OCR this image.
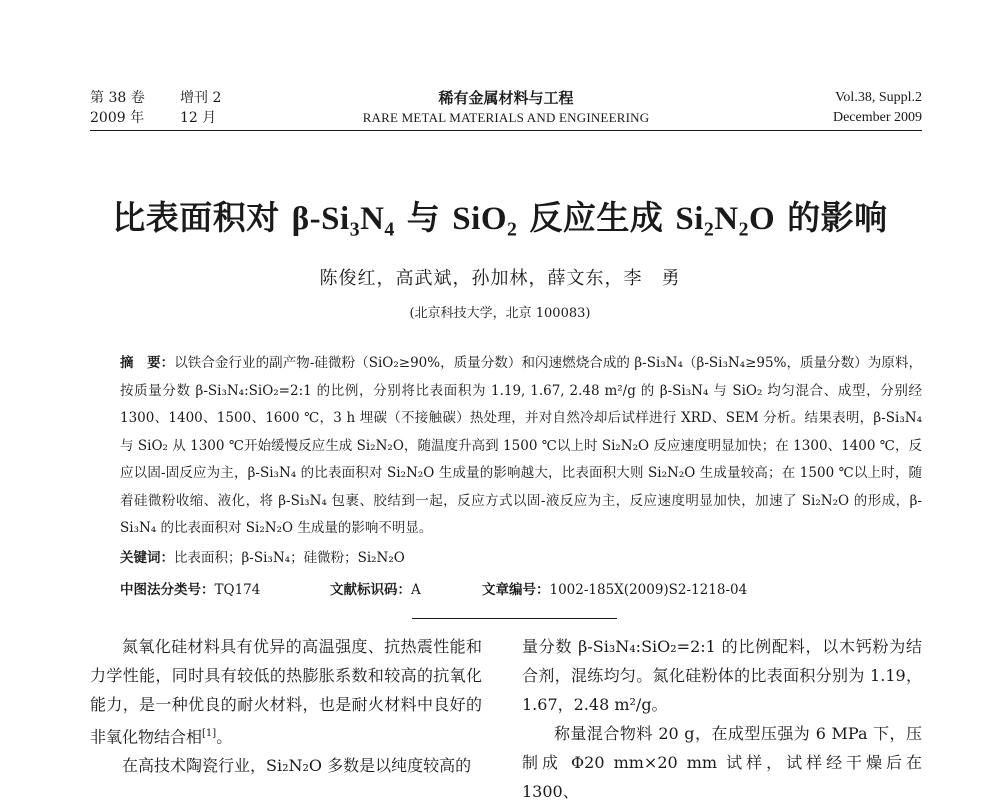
第 38 卷	增刊 2
2009 年	12 月
稀有金属材料与工程
RARE METAL MATERIALS AND ENGINEERING
Vol.38, Suppl.2
December 2009
比表面积对 β-Si₃N₄ 与 SiO₂ 反应生成 Si₂N₂O 的影响
陈俊红，高武斌，孙加林，薛文东，李　勇
(北京科技大学，北京 100083)
摘　要：以铁合金行业的副产物-硅微粉（SiO₂≥90%，质量分数）和闪速燃烧合成的 β-Si₃N₄（β-Si₃N₄≥95%，质量分数）为原料，按质量分数 β-Si₃N₄:SiO₂=2:1 的比例，分别将比表面积为 1.19, 1.67, 2.48 m²/g 的 β-Si₃N₄ 与 SiO₂ 均匀混合、成型，分别经 1300、1400、1500、1600 ℃，3 h 埋碳（不接触碳）热处理，并对自然冷却后试样进行 XRD、SEM 分析。结果表明，β-Si₃N₄ 与 SiO₂ 从 1300 ℃开始缓慢反应生成 Si₂N₂O，随温度升高到 1500 ℃以上时 Si₂N₂O 反应速度明显加快；在 1300、1400 ℃，反应以固-固反应为主，β-Si₃N₄ 的比表面积对 Si₂N₂O 生成量的影响越大，比表面积大则 Si₂N₂O 生成量较高；在 1500 ℃以上时，随着硅微粉收缩、液化，将 β-Si₃N₄ 包裹、胶结到一起，反应方式以固-液反应为主，反应速度明显加快，加速了 Si₂N₂O 的形成，β-Si₃N₄ 的比表面积对 Si₂N₂O 生成量的影响不明显。
关键词：比表面积；β-Si₃N₄；硅微粉；Si₂N₂O
中图法分类号：TQ174	文献标识码：A	文章编号：1002-185X(2009)S2-1218-04

氮氧化硅材料具有优异的高温强度、抗热震性能和力学性能，同时具有较低的热膨胀系数和较高的抗氧化能力，是一种优良的耐火材料，也是耐火材料中良好的非氧化物结合相[1]。

在高技术陶瓷行业，Si₂N₂O 多数是以纯度较高的

量分数 β-Si₃N₄:SiO₂=2:1 的比例配料，以木钙粉为结合剂，混练均匀。氮化硅粉体的比表面积分别为 1.19，1.67，2.48 m²/g。

称量混合物料 20 g，在成型压强为 6 MPa 下，压制成 Φ20 mm×20 mm 试样，试样经干燥后在 1300、
